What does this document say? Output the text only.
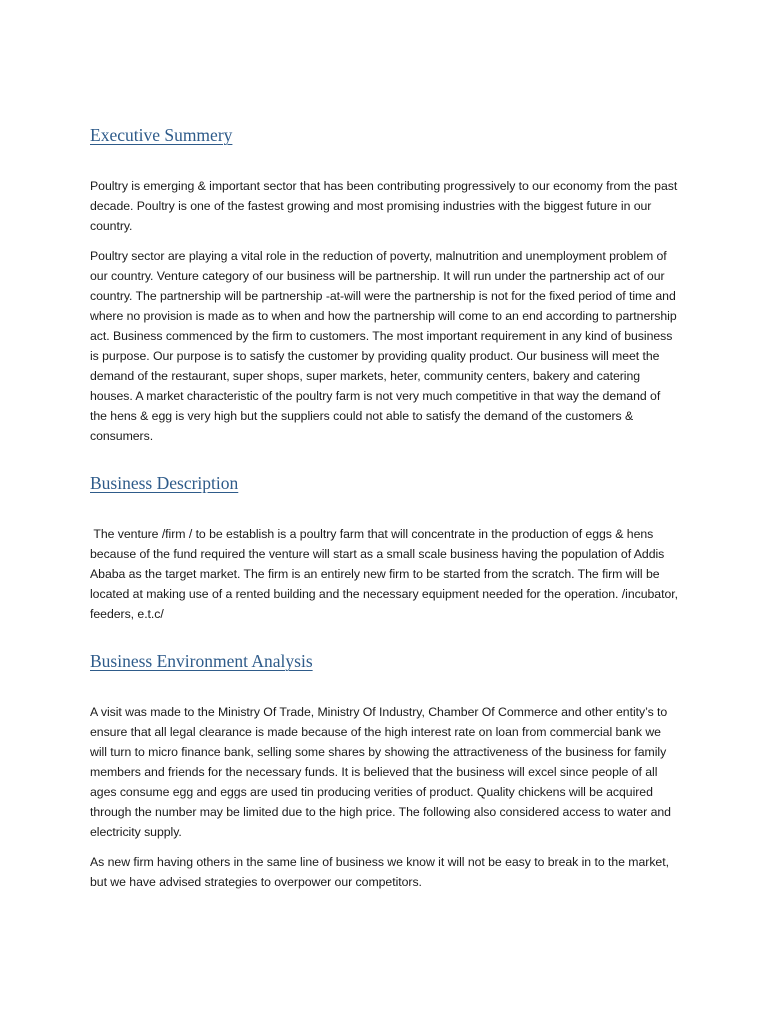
Executive Summery

Poultry is emerging & important sector that has been contributing progressively to our economy from the past decade. Poultry is one of the fastest growing and most promising industries with the biggest future in our country.

Poultry sector are playing a vital role in the reduction of poverty, malnutrition and unemployment problem of our country. Venture category of our business will be partnership. It will run under the partnership act of our country. The partnership will be partnership -at-will were the partnership is not for the fixed period of time and where no provision is made as to when and how the partnership will come to an end according to partnership act. Business commenced by the firm to customers. The most important requirement in any kind of business is purpose. Our purpose is to satisfy the customer by providing quality product. Our business will meet the demand of the restaurant, super shops, super markets, heter, community centers, bakery and catering houses. A market characteristic of the poultry farm is not very much competitive in that way the demand of the hens & egg is very high but the suppliers could not able to satisfy the demand of the customers & consumers.

Business Description

The venture /firm / to be establish is a poultry farm that will concentrate in the production of eggs & hens because of the fund required the venture will start as a small scale business having the population of Addis Ababa as the target market. The firm is an entirely new firm to be started from the scratch. The firm will be located at making use of a rented building and the necessary equipment needed for the operation. /incubator, feeders, e.t.c/

Business Environment Analysis

A visit was made to the Ministry Of Trade, Ministry Of Industry, Chamber Of Commerce and other entity’s to ensure that all legal clearance is made because of the high interest rate on loan from commercial bank we will turn to micro finance bank, selling some shares by showing the attractiveness of the business for family members and friends for the necessary funds. It is believed that the business will excel since people of all ages consume egg and eggs are used tin producing verities of product. Quality chickens will be acquired through the number may be limited due to the high price. The following also considered access to water and electricity supply.

As new firm having others in the same line of business we know it will not be easy to break in to the market, but we have advised strategies to overpower our competitors.
